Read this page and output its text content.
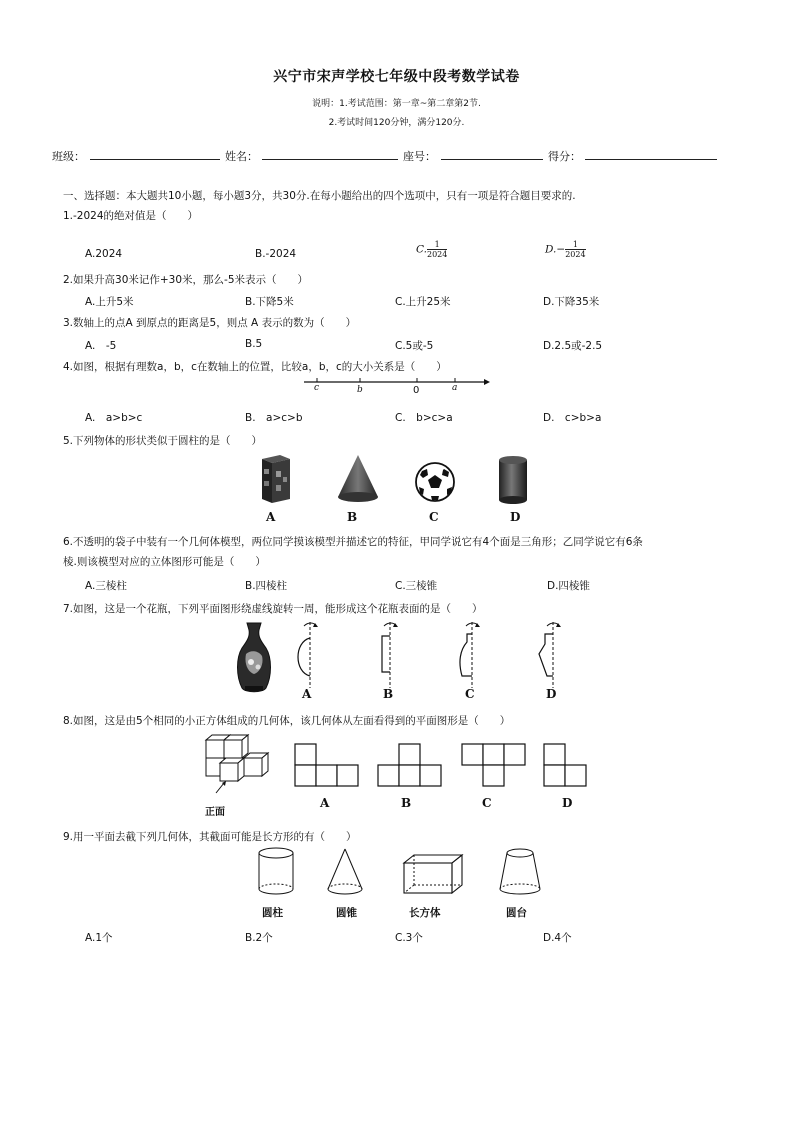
兴宁市宋声学校七年级中段考数学试卷
说明：1.考试范围：第一章~第二章第2节.
2.考试时间120分钟，满分120分.
班级：	姓名：	座号：	得分：
一、选择题：本大题共10小题，每小题3分，共30分.在每小题给出的四个选项中，只有一项是符合题目要求的.
1.-2024的绝对值是（　　）
A.2024	B.-2024	C. $\frac{1}{2024}$	$D.- \frac{1}{2024}$
2.如果升高30米记作+30米，那么-5米表示（　　）
A.上升5米	B.下降5米	C.上升25米	D.下降35米
3.数轴上的点A 到原点的距离是5，则点 A 表示的数为（　　）
A.　-5	B.5	C.5或-5	D.2.5或-2.5
4.如图，根据有理数a，b，c在数轴上的位置，比较a，b，c的大小关系是（　　）
c	b	0	a
A.　a>b>c	B.　a>c>b	C.　b>c>a	D.　c>b>a
5.下列物体的形状类似于圆柱的是（　　）
A	B	C	D
6.不透明的袋子中装有一个几何体模型，两位同学摸该模型并描述它的特征，甲同学说它有4个面是三角形；乙同学说它有6条
棱.则该模型对应的立体图形可能是（　　）
A.三棱柱	B.四棱柱	C.三棱锥	D.四棱锥
7.如图，这是一个花瓶，下列平面图形绕虚线旋转一周，能形成这个花瓶表面的是（　　）
A	B	C	D
8.如图，这是由5个相同的小正方体组成的几何体，该几何体从左面看得到的平面图形是（　　）
正面
A	B	C	D
9.用一平面去截下列几何体，其截面可能是长方形的有（　　）
圆柱	圆锥	长方体	圆台
A.1个	B.2个	C.3个	D.4个
